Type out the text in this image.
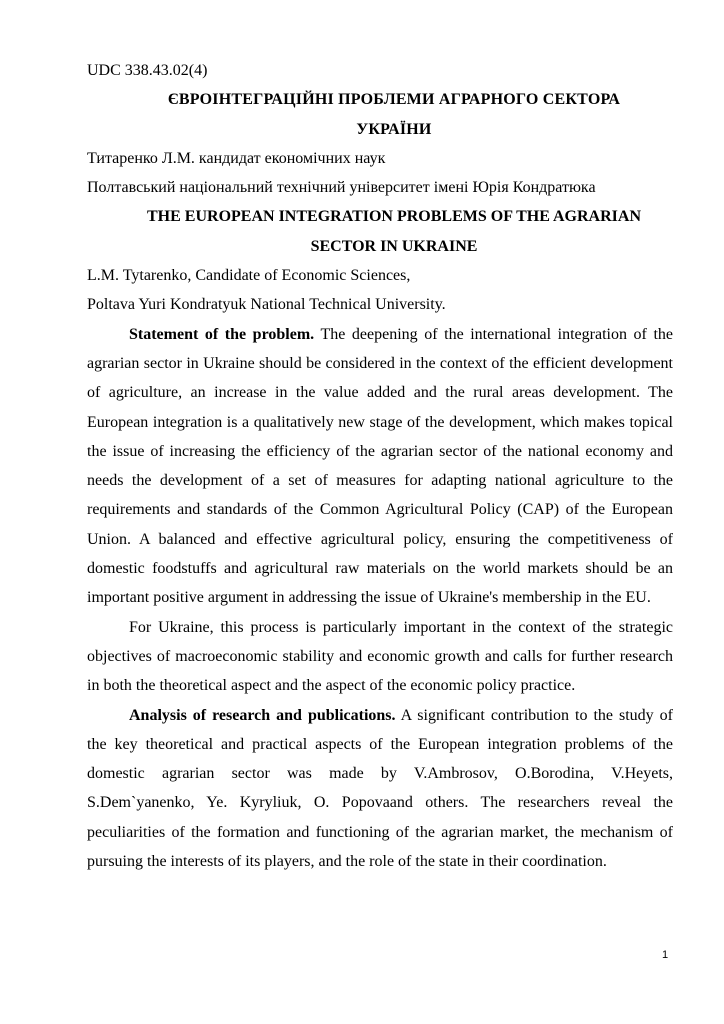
UDC 338.43.02(4)

ЄВРОІНТЕГРАЦІЙНІ ПРОБЛЕМИ АГРАРНОГО СЕКТОРА

УКРАЇНИ

Титаренко Л.М. кандидат економічних наук

Полтавський національний технічний університет імені Юрія Кондратюка

THE EUROPEAN INTEGRATION PROBLEMS OF THE AGRARIAN

SECTOR IN UKRAINE

L.M. Tytarenko, Candidate of Economic Sciences,

Poltava Yuri Kondratyuk National Technical University.

Statement of the problem. The deepening of the international integration of the agrarian sector in Ukraine should be considered in the context of the efficient development of agriculture, an increase in the value added and the rural areas development. The European integration is a qualitatively new stage of the development, which makes topical the issue of increasing the efficiency of the agrarian sector of the national economy and needs the development of a set of measures for adapting national agriculture to the requirements and standards of the Common Agricultural Policy (CAP) of the European Union. A balanced and effective agricultural policy, ensuring the competitiveness of domestic foodstuffs and agricultural raw materials on the world markets should be an important positive argument in addressing the issue of Ukraine's membership in the EU.

For Ukraine, this process is particularly important in the context of the strategic objectives of macroeconomic stability and economic growth and calls for further research in both the theoretical aspect and the aspect of the economic policy practice.

Analysis of research and publications. A significant contribution to the study of the key theoretical and practical aspects of the European integration problems of the domestic agrarian sector was made by V.Ambrosov, O.Borodina, V.Heyets, S.Dem`yanenko, Ye. Kyryliuk, O. Popovaand others. The researchers reveal the peculiarities of the formation and functioning of the agrarian market, the mechanism of pursuing the interests of its players, and the role of the state in their coordination.

1
